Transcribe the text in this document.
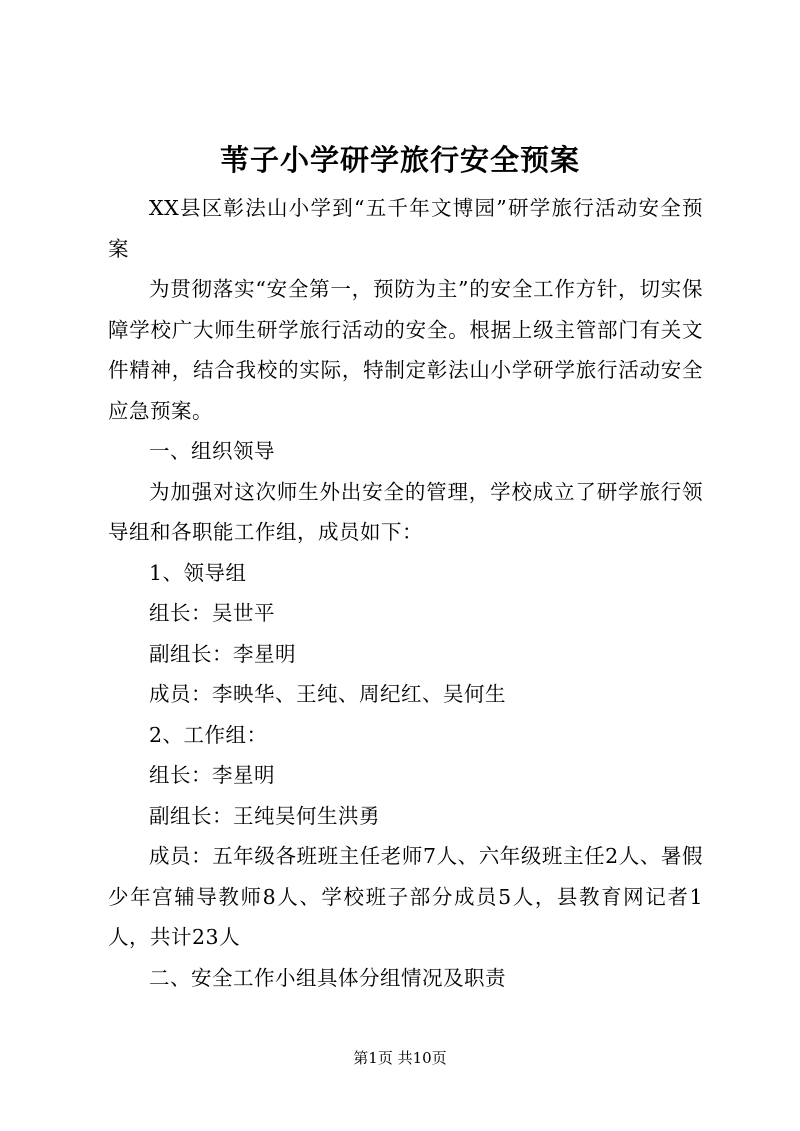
苇子小学研学旅行安全预案

XX县区彰法山小学到“五千年文博园”研学旅行活动安全预案

为贯彻落实“安全第一，预防为主”的安全工作方针，切实保障学校广大师生研学旅行活动的安全。根据上级主管部门有关文件精神，结合我校的实际，特制定彰法山小学研学旅行活动安全应急预案。

一、组织领导

为加强对这次师生外出安全的管理，学校成立了研学旅行领导组和各职能工作组，成员如下：

1、领导组

组长：吴世平

副组长：李星明

成员：李映华、王纯、周纪红、吴何生

2、工作组：

组长：李星明

副组长：王纯吴何生洪勇

成员：五年级各班班主任老师7人、六年级班主任2人、暑假少年宫辅导教师8人、学校班子部分成员5人，县教育网记者1人，共计23人

二、安全工作小组具体分组情况及职责

第1页 共10页
